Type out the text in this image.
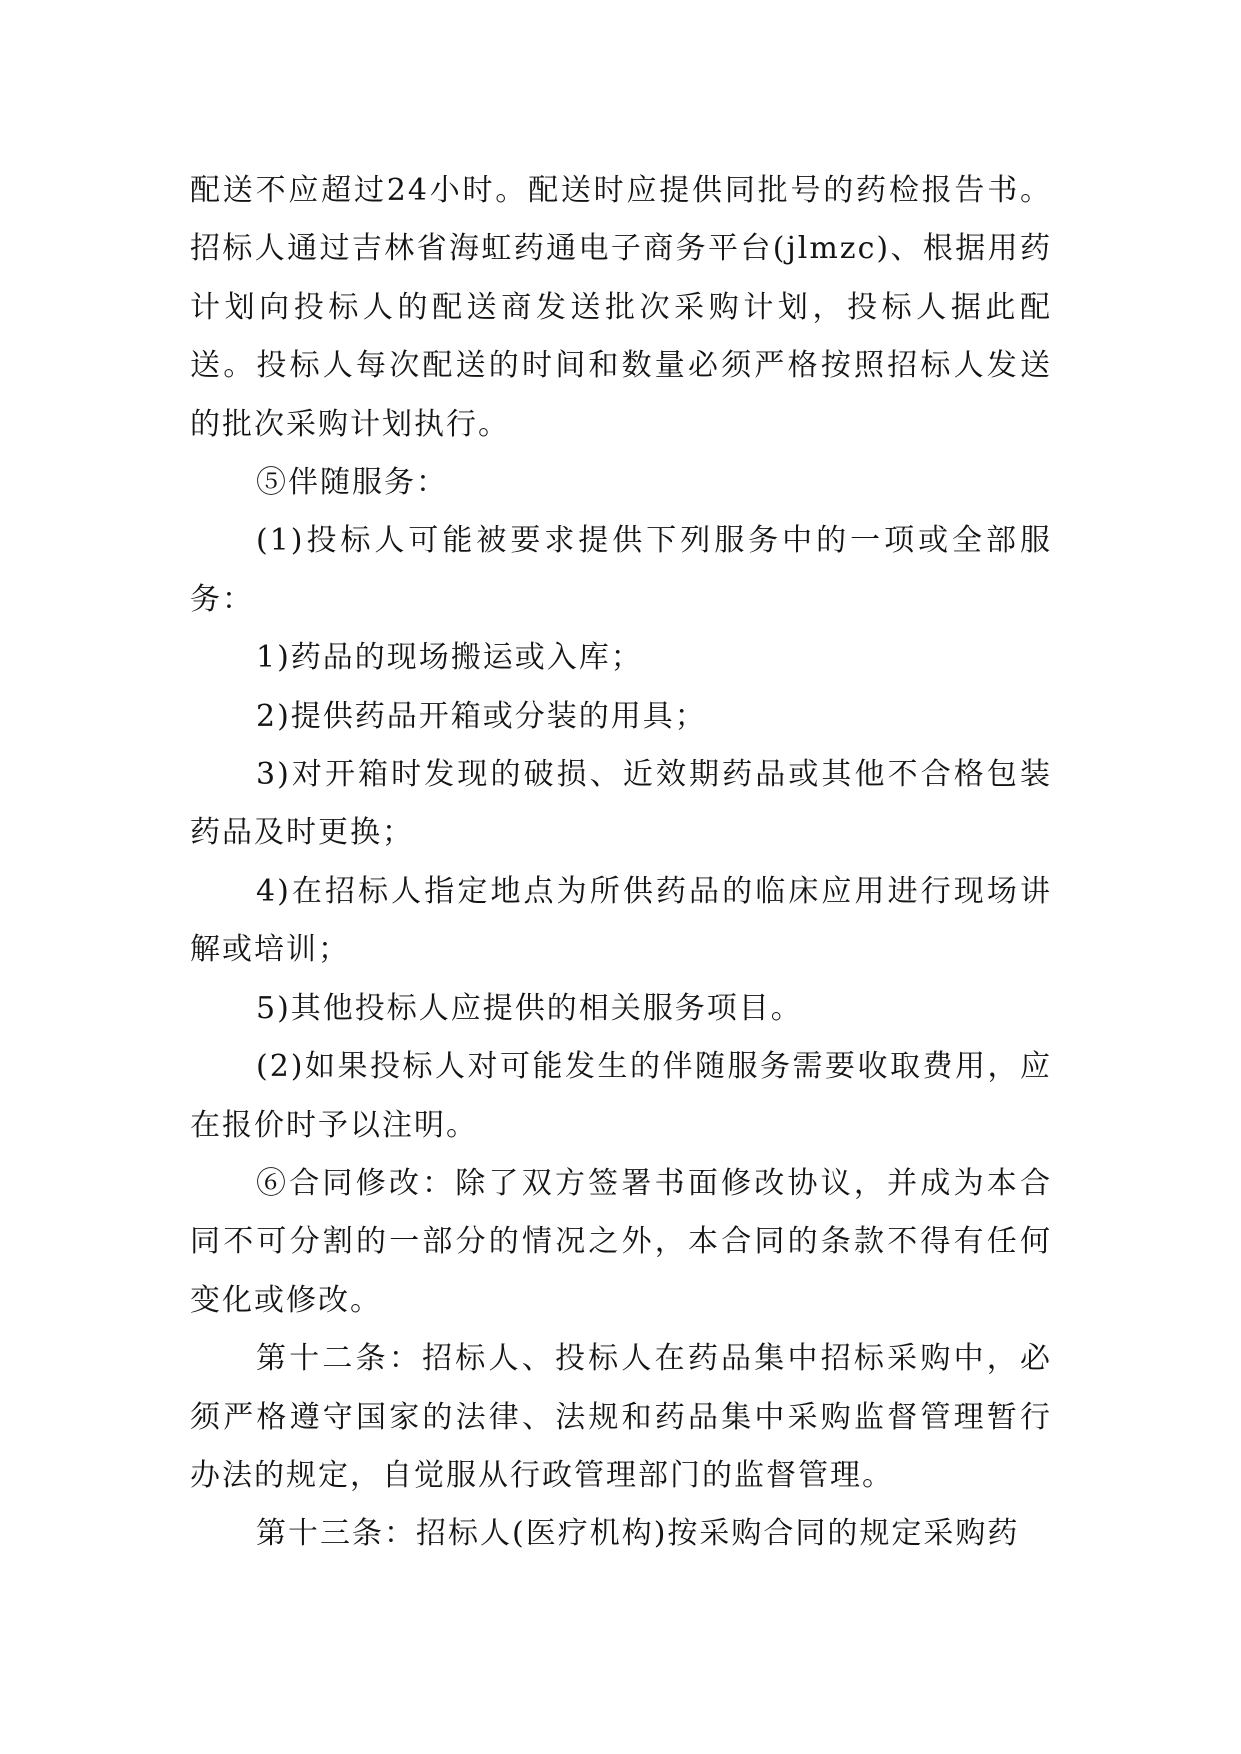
配送不应超过24小时。配送时应提供同批号的药检报告书。招标人通过吉林省海虹药通电子商务平台(jlmzc)、根据用药计划向投标人的配送商发送批次采购计划，投标人据此配送。投标人每次配送的时间和数量必须严格按照招标人发送的批次采购计划执行。

⑤伴随服务：

(1)投标人可能被要求提供下列服务中的一项或全部服务：

1)药品的现场搬运或入库；

2)提供药品开箱或分装的用具；

3)对开箱时发现的破损、近效期药品或其他不合格包装药品及时更换；

4)在招标人指定地点为所供药品的临床应用进行现场讲解或培训；

5)其他投标人应提供的相关服务项目。

(2)如果投标人对可能发生的伴随服务需要收取费用，应在报价时予以注明。

⑥合同修改：除了双方签署书面修改协议，并成为本合同不可分割的一部分的情况之外，本合同的条款不得有任何变化或修改。

第十二条：招标人、投标人在药品集中招标采购中，必须严格遵守国家的法律、法规和药品集中采购监督管理暂行办法的规定，自觉服从行政管理部门的监督管理。

第十三条：招标人(医疗机构)按采购合同的规定采购药
